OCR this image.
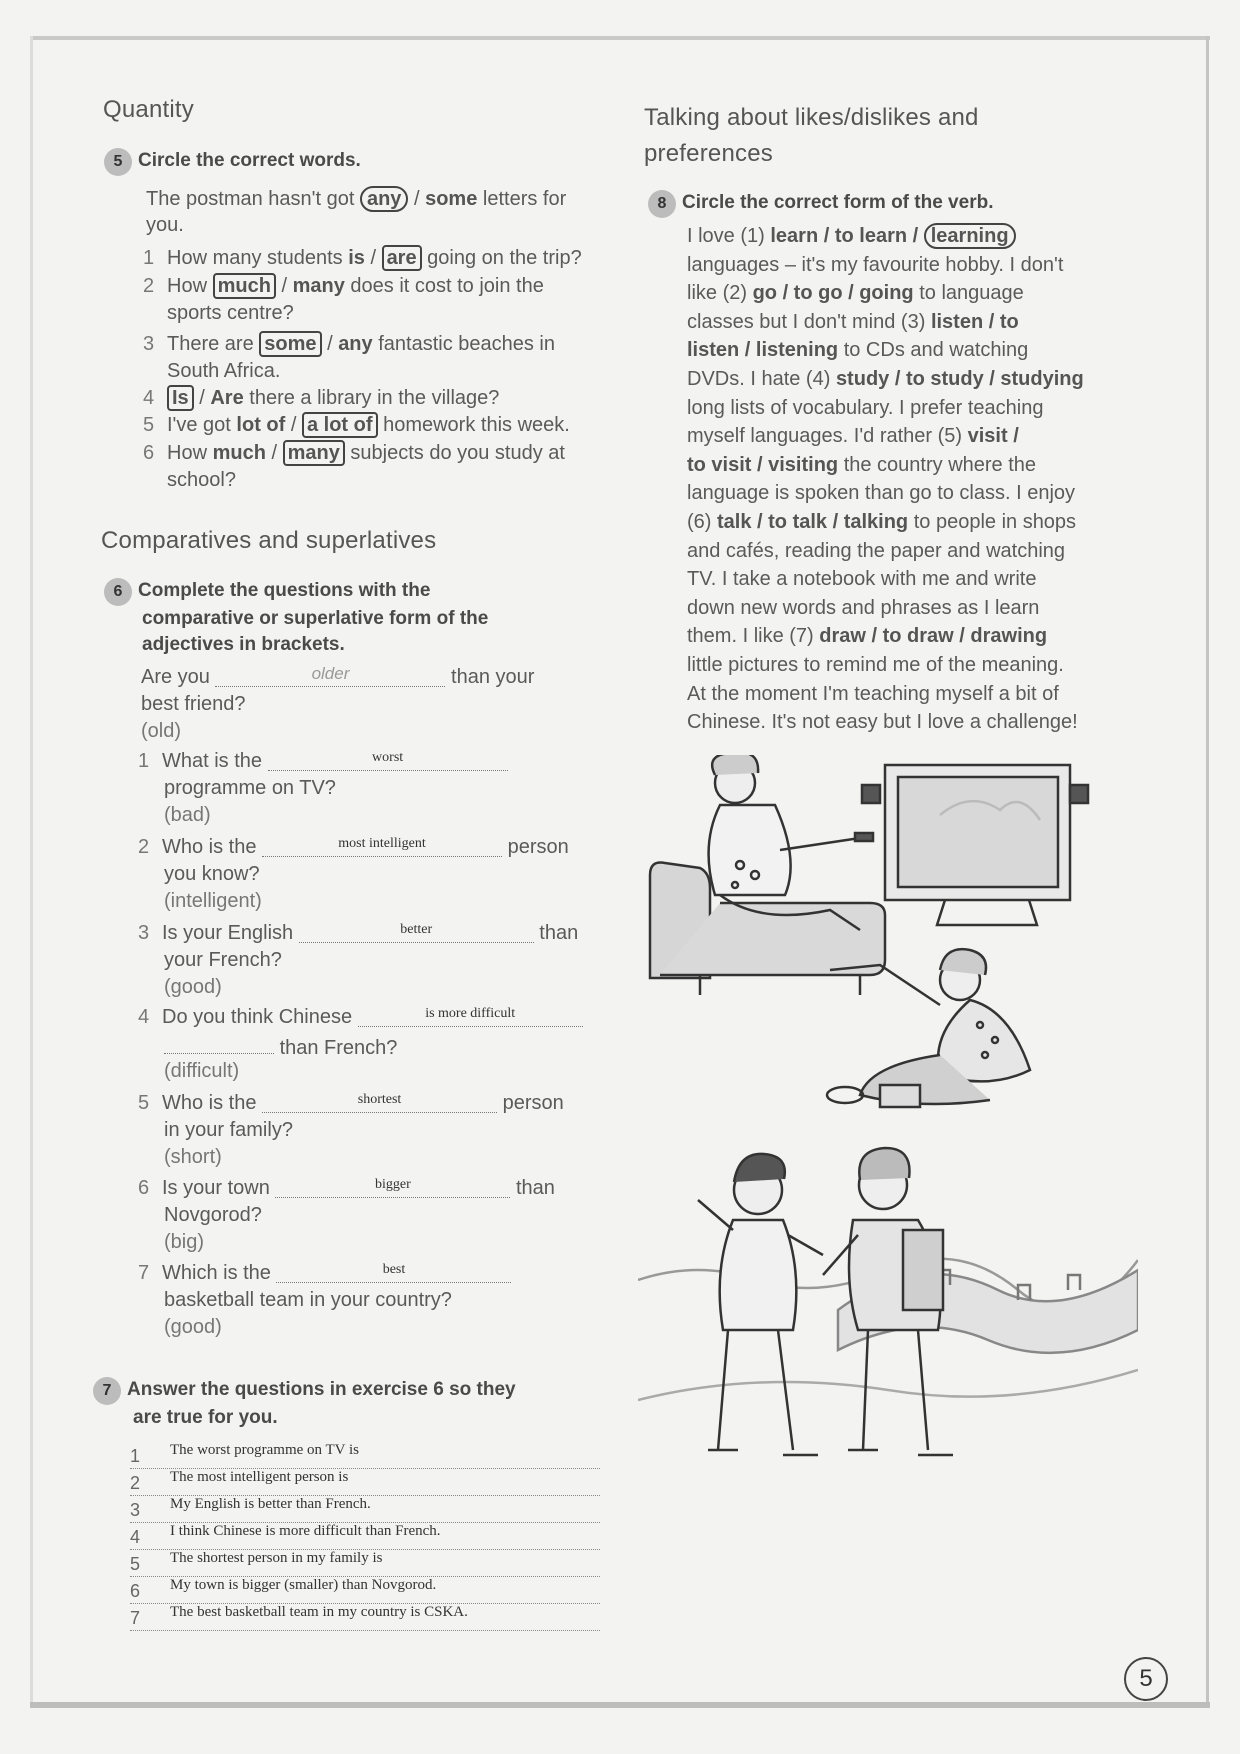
Quantity
5 Circle the correct words.
The postman hasn't got any / some letters for
you.
1 How many students is / are going on the trip?
2 How much / many does it cost to join the
sports centre?
3 There are some / any fantastic beaches in
South Africa.
4 Is / Are there a library in the village?
5 I've got lot of / a lot of homework this week.
6 How much / many subjects do you study at
school?
Comparatives and superlatives
6 Complete the questions with the
comparative or superlative form of the
adjectives in brackets.
Are you	$^{older}$	than your
best friend?
(old)
1 What is the	$^{worst}$
programme on TV?
(bad)
2 Who is the	$^{most intelligent}$	person
you know?
(intelligent)
3 Is your English	$^{better}$	than
your French?
(good)
4 Do you think Chinese	$^{is more difficult}$
than French?
(difficult)
5 Who is the	$^{shortest}$	person
in your family?
(short)
6 Is your town	$^{bigger}$	than
Novgorod?
(big)
7 Which is the	$^{best}$
basketball team in your country?
(good)
7 Answer the questions in exercise 6 so they
are true for you.
1	The worst programme on TV is
2	The most intelligent person is
3	My English is better than French.
4	I think Chinese is more difficult than French.
5	The shortest person in my family is
6	My town is bigger (smaller) than Novgorod.
7	The best basketball team in my country is CSKA.
Talking about likes/dislikes and
preferences
8 Circle the correct form of the verb.
I love (1) learn / to learn / learning
languages – it's my favourite hobby. I don't
like (2) go / to go / going to language
classes but I don't mind (3) listen / to
listen / listening to CDs and watching
DVDs. I hate (4) study / to study / studying
long lists of vocabulary. I prefer teaching
myself languages. I'd rather (5) visit /
to visit / visiting the country where the
language is spoken than go to class. I enjoy
(6) talk / to talk / talking to people in shops
and cafés, reading the paper and watching
TV. I take a notebook with me and write
down new words and phrases as I learn
them. I like (7) draw / to draw / drawing
little pictures to remind me of the meaning.
At the moment I'm teaching myself a bit of
Chinese. It's not easy but I love a challenge!
5
